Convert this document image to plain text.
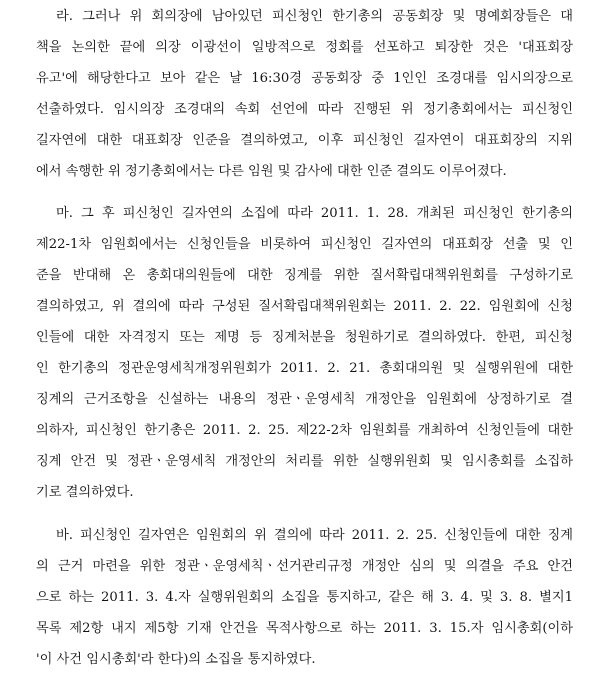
라. 그러나 위 회의장에 남아있던 피신청인 한기총의 공동회장 및 명예회장들은 대
책을 논의한 끝에 의장 이광선이 일방적으로 정회를 선포하고 퇴장한 것은 '대표회장
유고'에 해당한다고 보아 같은 날 16:30경 공동회장 중 1인인 조경대를 임시의장으로
선출하였다. 임시의장 조경대의 속회 선언에 따라 진행된 위 정기총회에서는 피신청인
길자연에 대한 대표회장 인준을 결의하였고, 이후 피신청인 길자연이 대표회장의 지위
에서 속행한 위 정기총회에서는 다른 임원 및 감사에 대한 인준 결의도 이루어졌다.
마. 그 후 피신청인 길자연의 소집에 따라 2011. 1. 28. 개최된 피신청인 한기총의
제22-1차 임원회에서는 신청인들을 비롯하여 피신청인 길자연의 대표회장 선출 및 인
준을 반대해 온 총회대의원들에 대한 징계를 위한 질서확립대책위원회를 구성하기로
결의하였고, 위 결의에 따라 구성된 질서확립대책위원회는 2011. 2. 22. 임원회에 신청
인들에 대한 자격정지 또는 제명 등 징계처분을 청원하기로 결의하였다. 한편, 피신청
인 한기총의 정관운영세칙개정위원회가 2011. 2. 21. 총회대의원 및 실행위원에 대한
징계의 근거조항을 신설하는 내용의 정관ㆍ운영세칙 개정안을 임원회에 상정하기로 결
의하자, 피신청인 한기총은 2011. 2. 25. 제22-2차 임원회를 개최하여 신청인들에 대한
징계 안건 및 정관ㆍ운영세칙 개정안의 처리를 위한 실행위원회 및 임시총회를 소집하
기로 결의하였다.
바. 피신청인 길자연은 임원회의 위 결의에 따라 2011. 2. 25. 신청인들에 대한 징계
의 근거 마련을 위한 정관ㆍ운영세칙ㆍ선거관리규정 개정안 심의 및 의결을 주요 안건
으로 하는 2011. 3. 4.자 실행위원회의 소집을 통지하고, 같은 해 3. 4. 및 3. 8. 별지1
목록 제2항 내지 제5항 기재 안건을 목적사항으로 하는 2011. 3. 15.자 임시총회(이하
'이 사건 임시총회'라 한다)의 소집을 통지하였다.
